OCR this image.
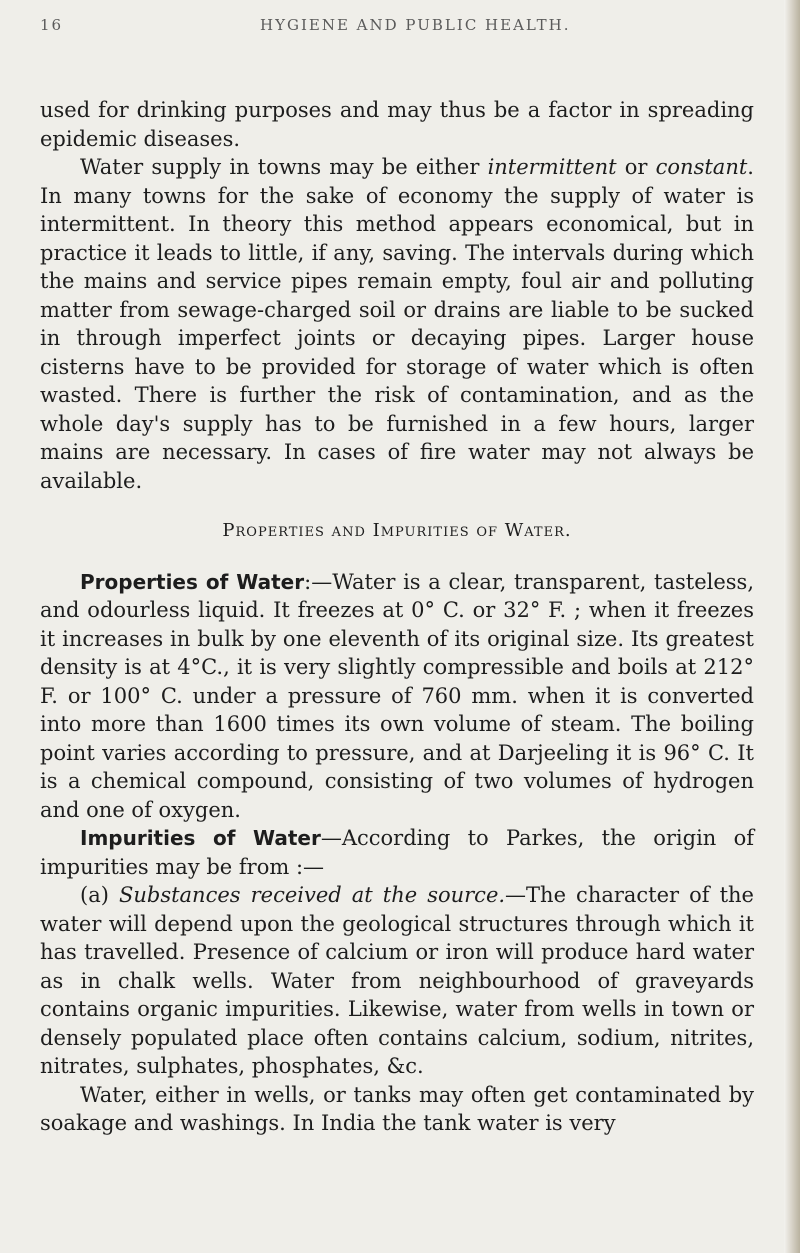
16	HYGIENE AND PUBLIC HEALTH.

used for drinking purposes and may thus be a factor in spreading epidemic diseases.

Water supply in towns may be either intermittent or constant. In many towns for the sake of economy the supply of water is intermittent. In theory this method appears economical, but in practice it leads to little, if any, saving. The intervals during which the mains and service pipes remain empty, foul air and polluting matter from sewage-charged soil or drains are liable to be sucked in through imperfect joints or decaying pipes. Larger house cisterns have to be provided for storage of water which is often wasted. There is further the risk of contamination, and as the whole day's supply has to be furnished in a few hours, larger mains are necessary. In cases of fire water may not always be available.

Properties and Impurities of Water.

Properties of Water:—Water is a clear, transparent, tasteless, and odourless liquid. It freezes at 0° C. or 32° F. ; when it freezes it increases in bulk by one eleventh of its original size. Its greatest density is at 4°C., it is very slightly compressible and boils at 212° F. or 100° C. under a pressure of 760 mm. when it is converted into more than 1600 times its own volume of steam. The boiling point varies according to pressure, and at Darjeeling it is 96° C. It is a chemical compound, consisting of two volumes of hydrogen and one of oxygen.

Impurities of Water—According to Parkes, the origin of impurities may be from :—

(a) Substances received at the source.—The character of the water will depend upon the geological structures through which it has travelled. Presence of calcium or iron will produce hard water as in chalk wells. Water from neighbourhood of graveyards contains organic impurities. Likewise, water from wells in town or densely populated place often contains calcium, sodium, nitrites, nitrates, sulphates, phosphates, &c.

Water, either in wells, or tanks may often get contaminated by soakage and washings. In India the tank water is very
